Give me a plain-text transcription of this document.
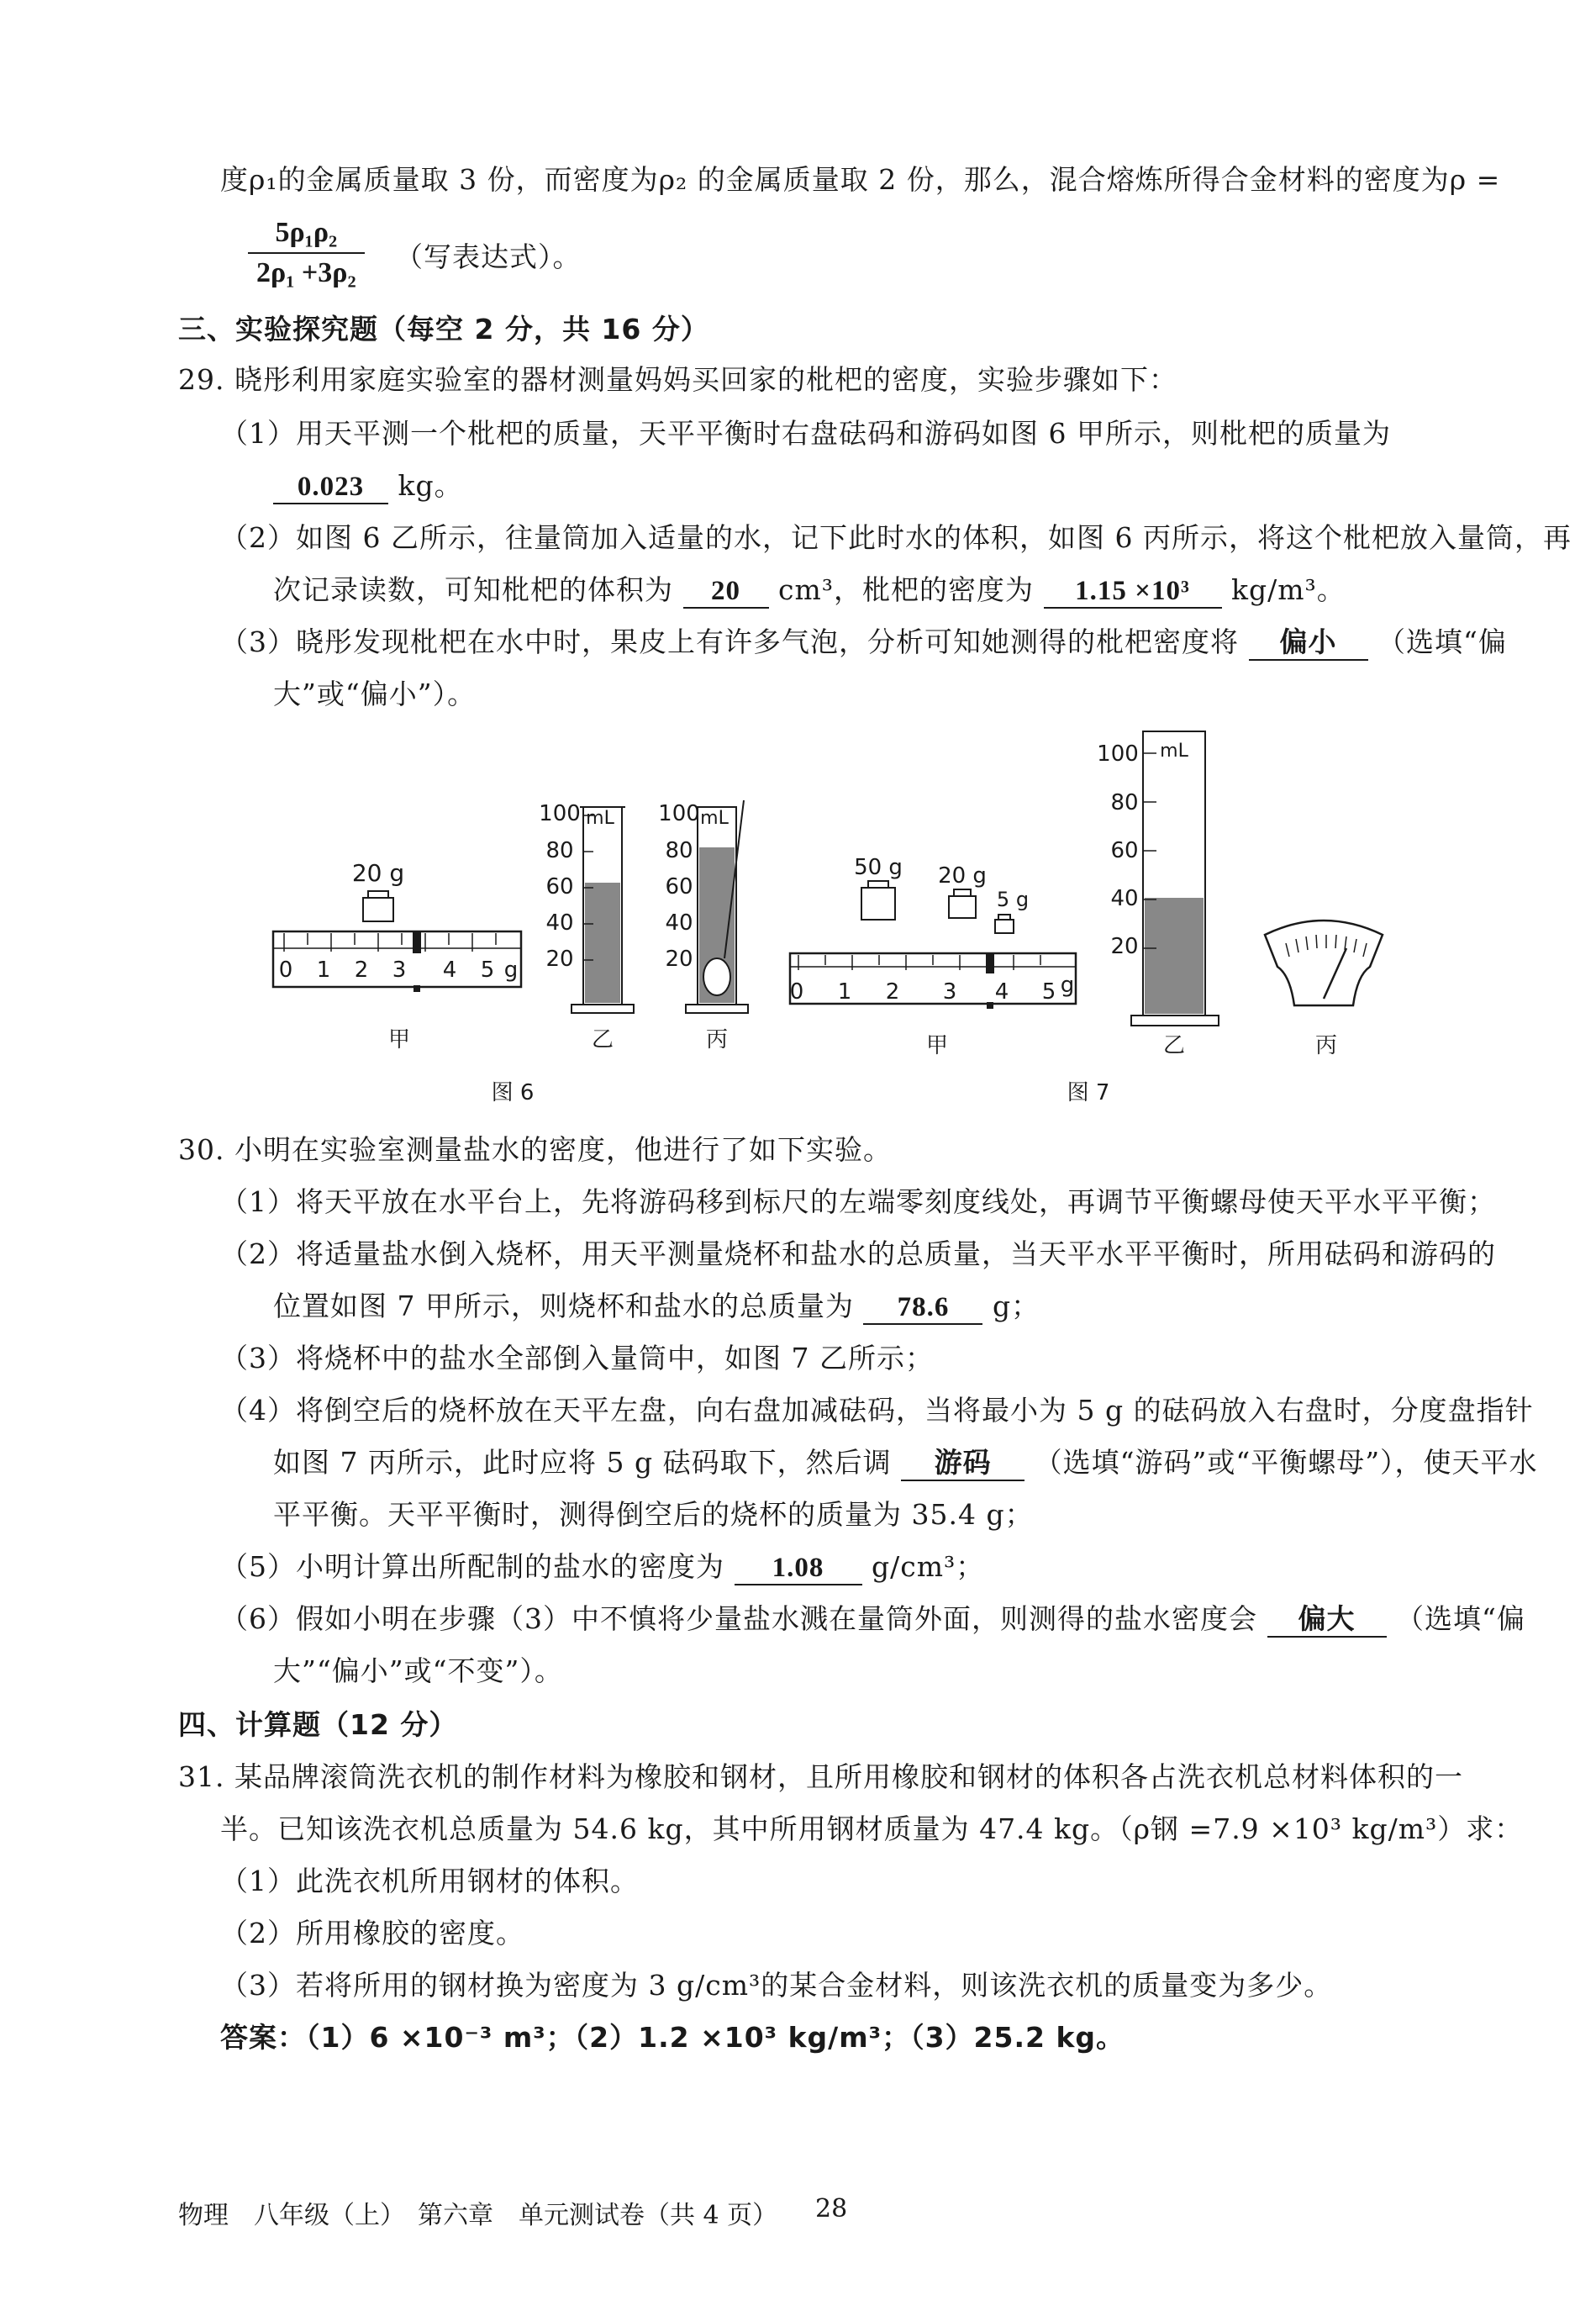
度ρ₁的金属质量取 3 份，而密度为ρ₂ 的金属质量取 2 份，那么，混合熔炼所得合金材料的密度为ρ =
$\frac{\text{5ρ₁ρ₂}}{\text{2ρ₁ +3ρ₂}}$ （写表达式）。
三、实验探究题（每空 2 分，共 16 分）
29. 晓彤利用家庭实验室的器材测量妈妈买回家的枇杷的密度，实验步骤如下：
（1）用天平测一个枇杷的质量，天平平衡时右盘砝码和游码如图 6 甲所示，则枇杷的质量为
0.023 kg。
（2）如图 6 乙所示，往量筒加入适量的水，记下此时水的体积，如图 6 丙所示，将这个枇杷放入量筒，再
次记录读数，可知枇杷的体积为 20 cm³，枇杷的密度为 1.15 ×10³ kg/m³。
（3）晓彤发现枇杷在水中时，果皮上有许多气泡，分析可知她测得的枇杷密度将 偏小 （选填“偏
大”或“偏小”）。
20 g
0 1 2 3 4 5 g
100
80
60
40
20
mL 100
80
60
40
20
mL
甲	乙	丙
图 6
50 g 20 g
5 g
0 1 2 3 4 5 g
100
80
60
40
20
mL
甲	乙	丙
图 7
30. 小明在实验室测量盐水的密度，他进行了如下实验。
（1）将天平放在水平台上，先将游码移到标尺的左端零刻度线处，再调节平衡螺母使天平水平平衡；
（2）将适量盐水倒入烧杯，用天平测量烧杯和盐水的总质量，当天平水平平衡时，所用砝码和游码的
位置如图 7 甲所示，则烧杯和盐水的总质量为 78.6 g；
（3）将烧杯中的盐水全部倒入量筒中，如图 7 乙所示；
（4）将倒空后的烧杯放在天平左盘，向右盘加减砝码，当将最小为 5 g 的砝码放入右盘时，分度盘指针
如图 7 丙所示，此时应将 5 g 砝码取下，然后调 游码 （选填“游码”或“平衡螺母”），使天平水
平平衡。天平平衡时，测得倒空后的烧杯的质量为 35.4 g；
（5）小明计算出所配制的盐水的密度为 1.08 g/cm³；
（6）假如小明在步骤（3）中不慎将少量盐水溅在量筒外面，则测得的盐水密度会 偏大 （选填“偏
大”“偏小”或“不变”）。
四、计算题（12 分）
31. 某品牌滚筒洗衣机的制作材料为橡胶和钢材，且所用橡胶和钢材的体积各占洗衣机总材料体积的一
半。已知该洗衣机总质量为 54.6 kg，其中所用钢材质量为 47.4 kg。（ρ钢 =7.9 ×10³ kg/m³）求：
（1）此洗衣机所用钢材的体积。
（2）所用橡胶的密度。
（3）若将所用的钢材换为密度为 3 g/cm³的某合金材料，则该洗衣机的质量变为多少。
答案：（1）6 ×10⁻³ m³；（2）1.2 ×10³ kg/m³；（3）25.2 kg。
物理　八年级（上）　第六章　单元测试卷（共 4 页） 28
